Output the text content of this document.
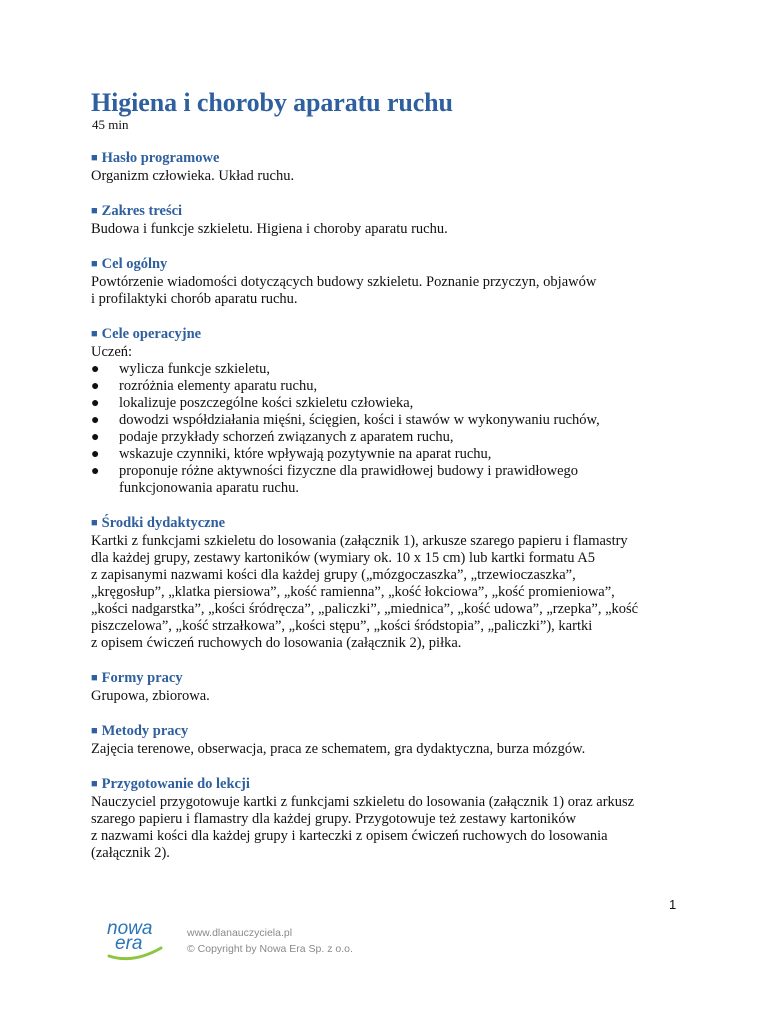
Higiena i choroby aparatu ruchu
45 min
■ Hasło programowe
Organizm człowieka. Układ ruchu.
■ Zakres treści
Budowa i funkcje szkieletu. Higiena i choroby aparatu ruchu.
■ Cel ogólny
Powtórzenie wiadomości dotyczących budowy szkieletu. Poznanie przyczyn, objawów
i profilaktyki chorób aparatu ruchu.
■ Cele operacyjne
Uczeń:
● wylicza funkcje szkieletu,
● rozróżnia elementy aparatu ruchu,
● lokalizuje poszczególne kości szkieletu człowieka,
● dowodzi współdziałania mięśni, ścięgien, kości i stawów w wykonywaniu ruchów,
● podaje przykłady schorzeń związanych z aparatem ruchu,
● wskazuje czynniki, które wpływają pozytywnie na aparat ruchu,
● proponuje różne aktywności fizyczne dla prawidłowej budowy i prawidłowego
funkcjonowania aparatu ruchu.
■ Środki dydaktyczne
Kartki z funkcjami szkieletu do losowania (załącznik 1), arkusze szarego papieru i flamastry
dla każdej grupy, zestawy kartoników (wymiary ok. 10 x 15 cm) lub kartki formatu A5
z zapisanymi nazwami kości dla każdej grupy („mózgoczaszka”, „trzewioczaszka”,
„kręgosłup”, „klatka piersiowa”, „kość ramienna”, „kość łokciowa”, „kość promieniowa”,
„kości nadgarstka”, „kości śródręcza”, „paliczki”, „miednica”, „kość udowa”, „rzepka”, „kość
piszczelowa”, „kość strzałkowa”, „kości stępu”, „kości śródstopia”, „paliczki”), kartki
z opisem ćwiczeń ruchowych do losowania (załącznik 2), piłka.
■ Formy pracy
Grupowa, zbiorowa.
■ Metody pracy
Zajęcia terenowe, obserwacja, praca ze schematem, gra dydaktyczna, burza mózgów.
■ Przygotowanie do lekcji
Nauczyciel przygotowuje kartki z funkcjami szkieletu do losowania (załącznik 1) oraz arkusz
szarego papieru i flamastry dla każdej grupy. Przygotowuje też zestawy kartoników
z nazwami kości dla każdej grupy i karteczki z opisem ćwiczeń ruchowych do losowania
(załącznik 2).
1
nowa
era	www.dlanauczyciela.pl
© Copyright by Nowa Era Sp. z o.o.
